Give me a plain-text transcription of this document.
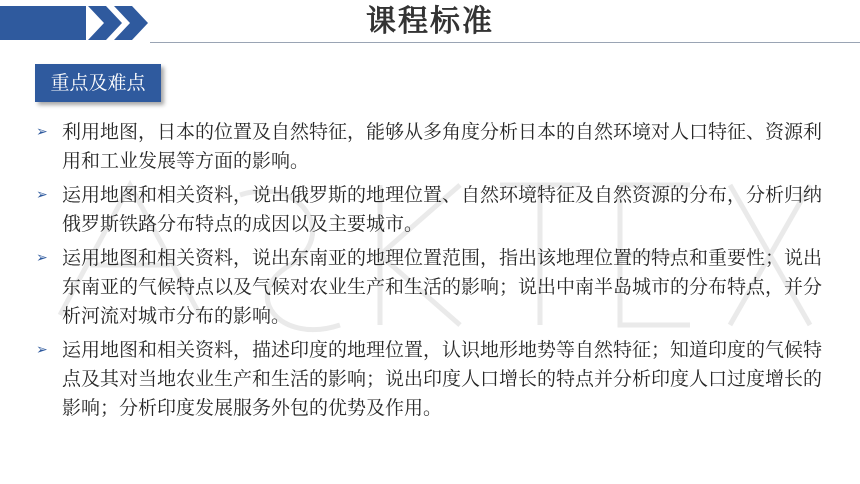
课程标准
重点及难点
➢ 利用地图，日本的位置及自然特征，能够从多角度分析日本的自然环境对人口特征、资源利用和工业发展等方面的影响。
➢ 运用地图和相关资料，说出俄罗斯的地理位置、自然环境特征及自然资源的分布，分析归纳俄罗斯铁路分布特点的成因以及主要城市。
➢ 运用地图和相关资料，说出东南亚的地理位置范围，指出该地理位置的特点和重要性；说出东南亚的气候特点以及气候对农业生产和生活的影响；说出中南半岛城市的分布特点，并分析河流对城市分布的影响。
➢ 运用地图和相关资料，描述印度的地理位置，认识地形地势等自然特征；知道印度的气候特点及其对当地农业生产和生活的影响；说出印度人口增长的特点并分析印度人口过度增长的影响；分析印度发展服务外包的优势及作用。
